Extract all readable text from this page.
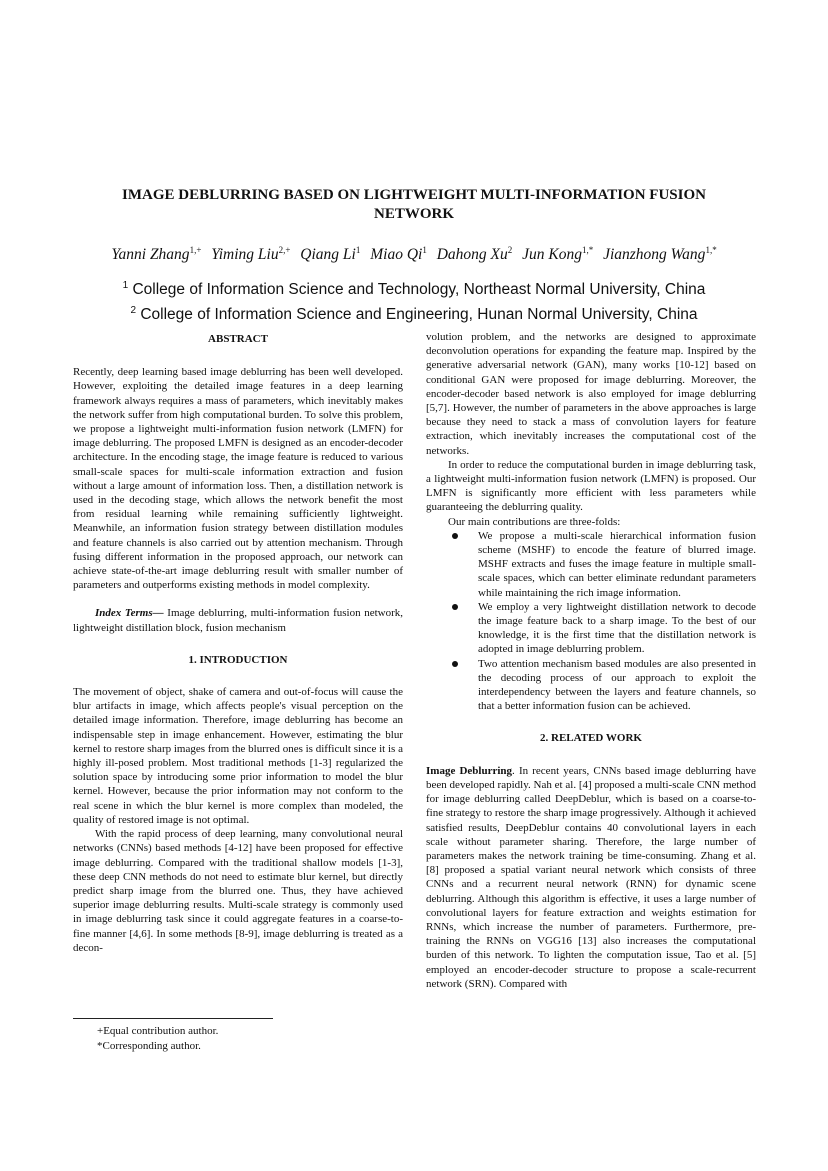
IMAGE DEBLURRING BASED ON LIGHTWEIGHT MULTI-INFORMATION FUSION
NETWORK
Yanni Zhang$^{1,+}$ Yiming Liu$^{2,+}$ Qiang Li$^1$ Miao Qi$^1$ Dahong Xu$^2$ Jun Kong$^{1,*}$ Jianzhong Wang$^{1,*}$
$^1$ College of Information Science and Technology, Northeast Normal University, China
$^2$ College of Information Science and Engineering, Hunan Normal University, China

ABSTRACT

Recently, deep learning based image deblurring has been well developed. However, exploiting the detailed image features in a deep learning framework always requires a mass of parameters, which inevitably makes the network suffer from high computational burden. To solve this problem, we propose a lightweight multi-information fusion network (LMFN) for image deblurring. The proposed LMFN is designed as an encoder-decoder architecture. In the encoding stage, the image feature is reduced to various small-scale spaces for multi-scale information extraction and fusion without a large amount of information loss. Then, a distillation network is used in the decoding stage, which allows the network benefit the most from residual learning while remaining sufficiently lightweight. Meanwhile, an information fusion strategy between distillation modules and feature channels is also carried out by attention mechanism. Through fusing different information in the proposed approach, our network can achieve state-of-the-art image deblurring result with smaller number of parameters and outperforms existing methods in model complexity.

Index Terms— Image deblurring, multi-information fusion network, lightweight distillation block, fusion mechanism

1. INTRODUCTION

The movement of object, shake of camera and out-of-focus will cause the blur artifacts in image, which affects people's visual perception on the detailed image information. Therefore, image deblurring has become an indispensable step in image enhancement. However, estimating the blur kernel to restore sharp images from the blurred ones is difficult since it is a highly ill-posed problem. Most traditional methods [1-3] regularized the solution space by introducing some prior information to model the blur kernel. However, because the prior information may not conform to the real scene in which the blur kernel is more complex than modeled, the quality of restored image is not optimal.

With the rapid process of deep learning, many convolutional neural networks (CNNs) based methods [4-12] have been proposed for effective image deblurring. Compared with the traditional shallow models [1-3], these deep CNN methods do not need to estimate blur kernel, but directly predict sharp image from the blurred one. Thus, they have achieved superior image deblurring results. Multi-scale strategy is commonly used in image deblurring task since it could aggregate features in a coarse-to-fine manner [4,6]. In some methods [8-9], image deblurring is treated as a decon-

+Equal contribution author.
*Corresponding author.

volution problem, and the networks are designed to approximate deconvolution operations for expanding the feature map. Inspired by the generative adversarial network (GAN), many works [10-12] based on conditional GAN were proposed for image deblurring. Moreover, the encoder-decoder based network is also employed for image deblurring [5,7]. However, the number of parameters in the above approaches is large because they need to stack a mass of convolution layers for feature extraction, which inevitably increases the computational cost of the networks.

In order to reduce the computational burden in image deblurring task, a lightweight multi-information fusion network (LMFN) is proposed. Our LMFN is significantly more efficient with less parameters while guaranteeing the deblurring quality.

Our main contributions are three-folds:

We propose a multi-scale hierarchical information fusion scheme (MSHF) to encode the feature of blurred image. MSHF extracts and fuses the image feature in multiple small-scale spaces, which can better eliminate redundant parameters while maintaining the rich image information.
We employ a very lightweight distillation network to decode the image feature back to a sharp image. To the best of our knowledge, it is the first time that the distillation network is adopted in image deblurring problem.
Two attention mechanism based modules are also presented in the decoding process of our approach to exploit the interdependency between the layers and feature channels, so that a better information fusion can be achieved.

2. RELATED WORK

Image Deblurring. In recent years, CNNs based image deblurring have been developed rapidly. Nah et al. [4] proposed a multi-scale CNN method for image deblurring called DeepDeblur, which is based on a coarse-to-fine strategy to restore the sharp image progressively. Although it achieved satisfied results, DeepDeblur contains 40 convolutional layers in each scale without parameter sharing. Therefore, the large number of parameters makes the network training be time-consuming. Zhang et al. [8] proposed a spatial variant neural network which consists of three CNNs and a recurrent neural network (RNN) for dynamic scene deblurring. Although this algorithm is effective, it uses a large number of convolutional layers for feature extraction and weights estimation for RNNs, which increase the number of parameters. Furthermore, pre-training the RNNs on VGG16 [13] also increases the computational burden of this network. To lighten the computation issue, Tao et al. [5] employed an encoder-decoder structure to propose a scale-recurrent network (SRN). Compared with
